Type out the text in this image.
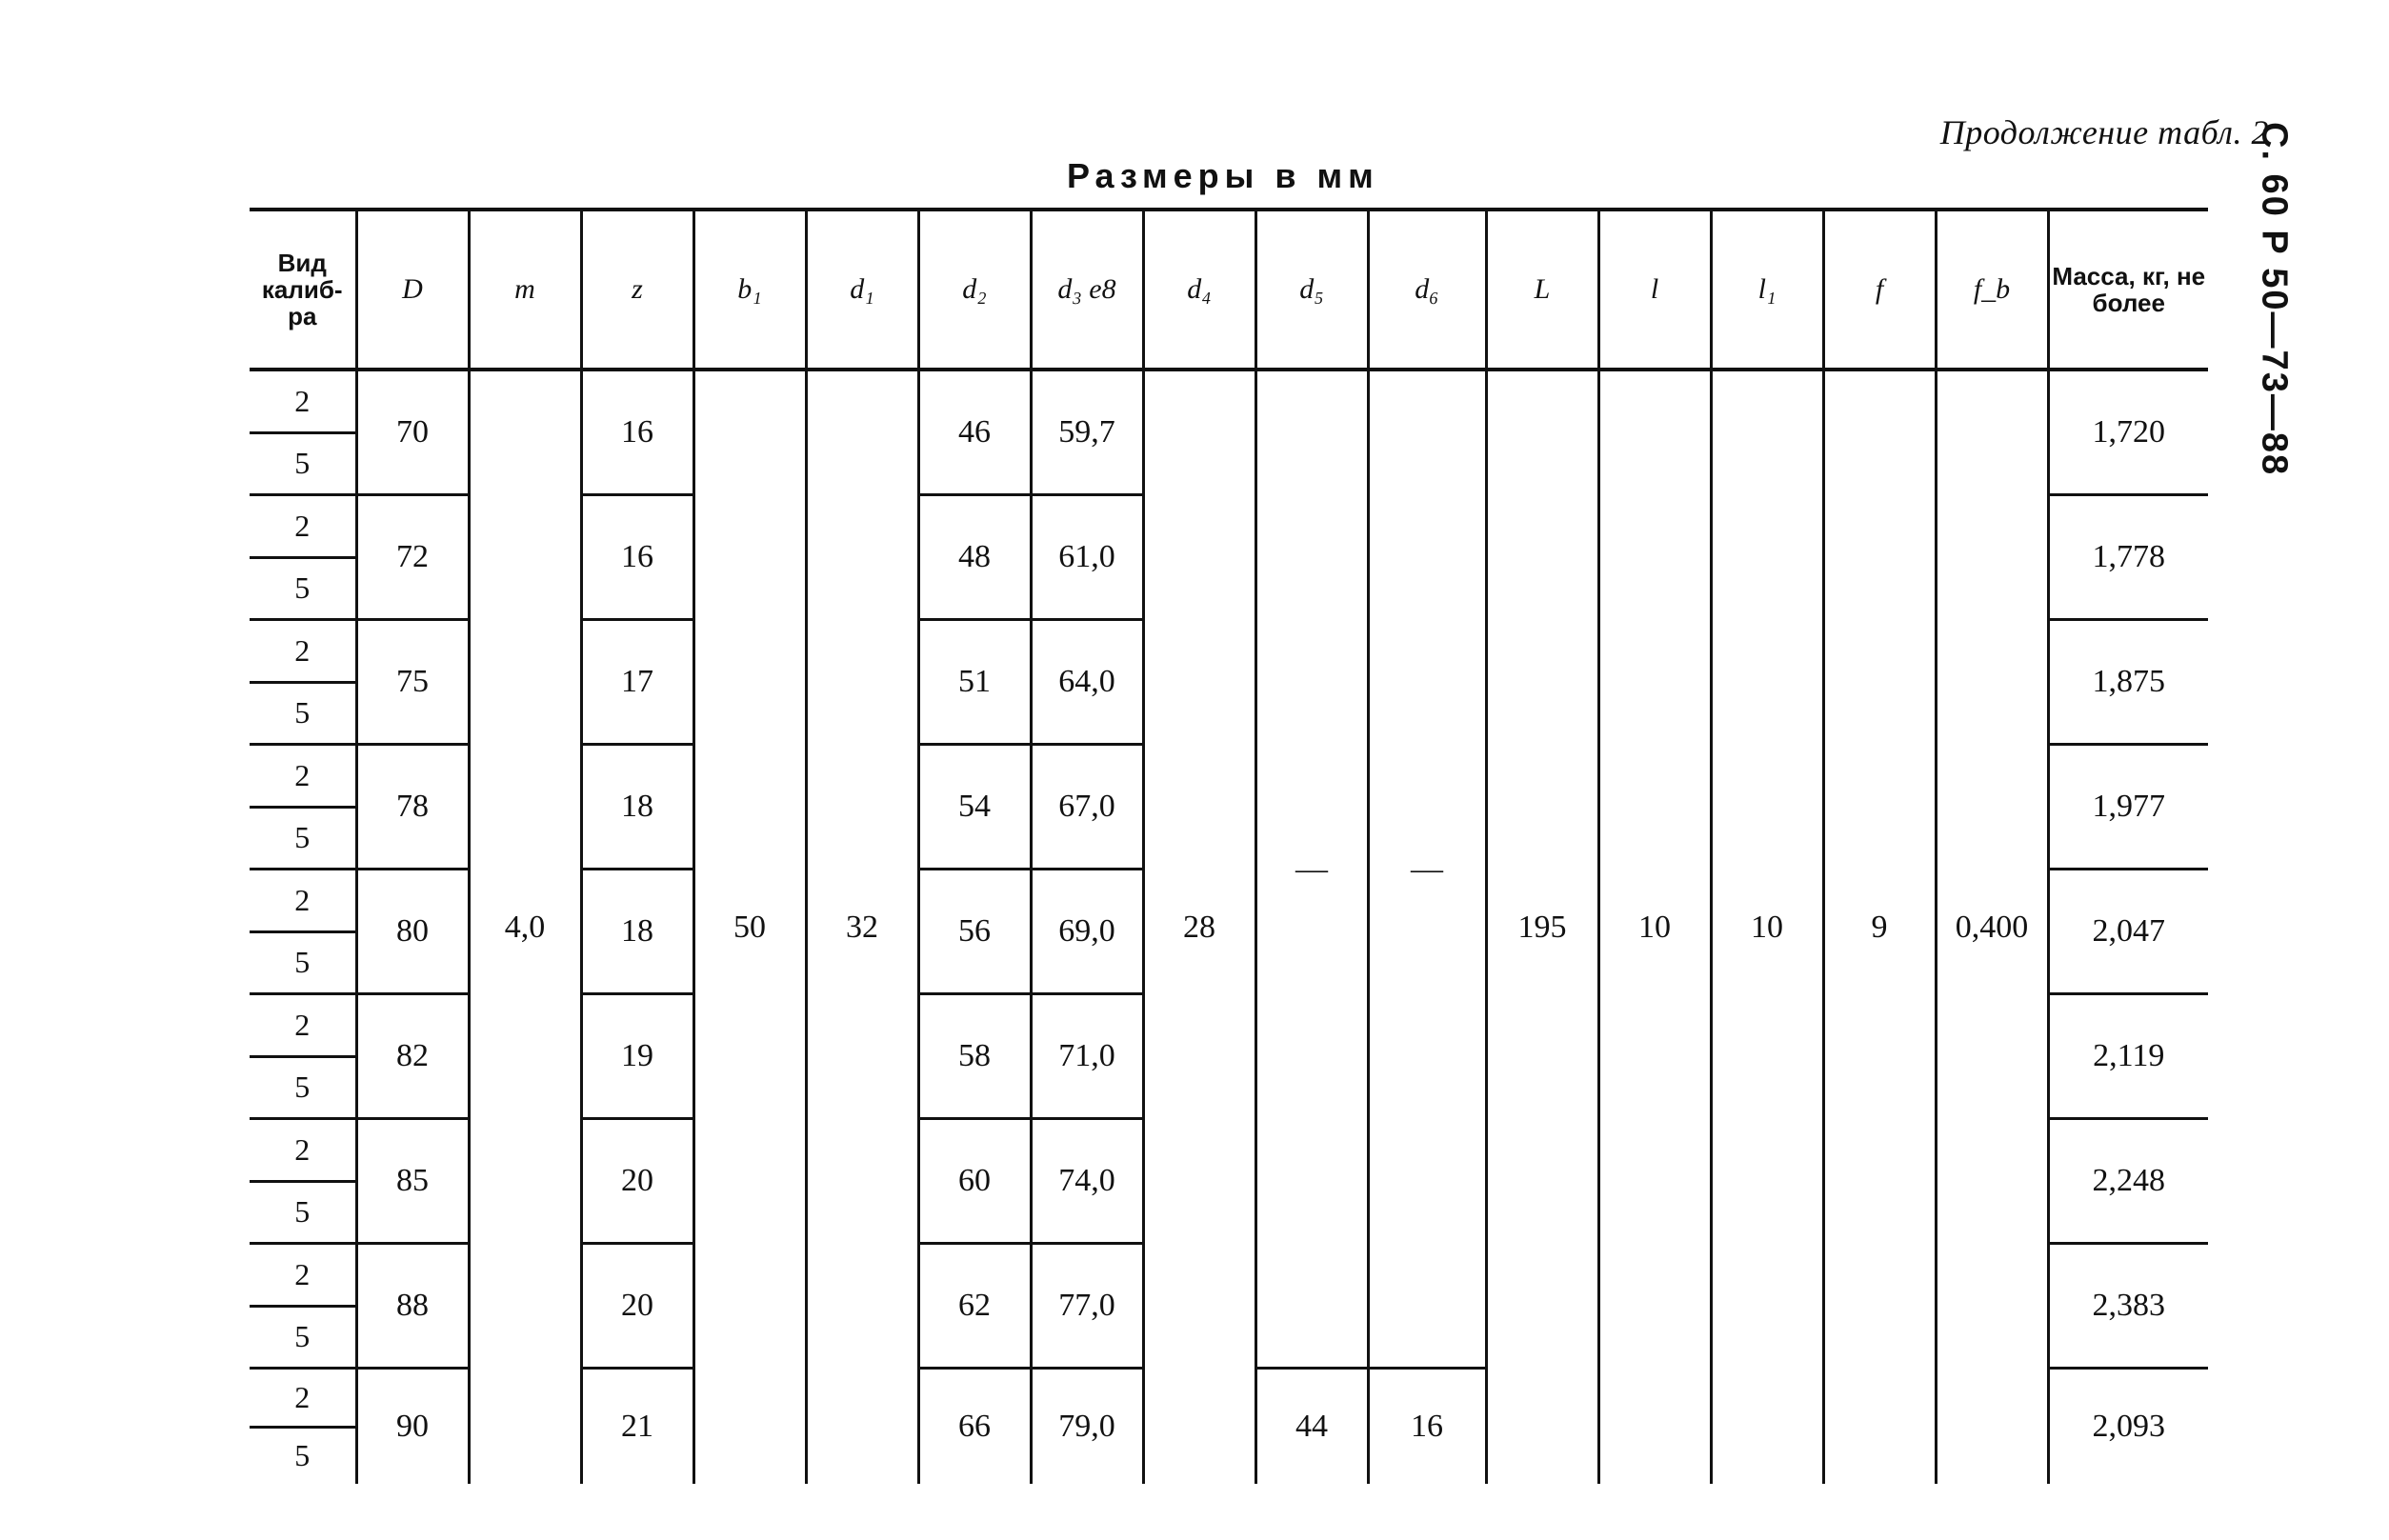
Продолжение табл. 2
С. 60 Р 50—73—88
Размеры в мм
Вид калиб-ра	D	m	z	b₁	d₁	d₂	d₃ e8	d₄	d₅	d₆	L	l	l₁	f	f_b	Масса, кг, не более

2
5	70	4,0	16	50	32	46	59,7	28	—	—	195	10	10	9	0,400	1,720

2
5	72		16			48	61,0									1,778

2
5	75		17			51	64,0									1,875

2
5	78		18			54	67,0									1,977

2
5	80		18			56	69,0									2,047

2
5	82		19			58	71,0									2,119

2
5	85		20			60	74,0									2,248

2
5	88		20			62	77,0									2,383

2
5	90		21			66	79,0		44	16						2,093
